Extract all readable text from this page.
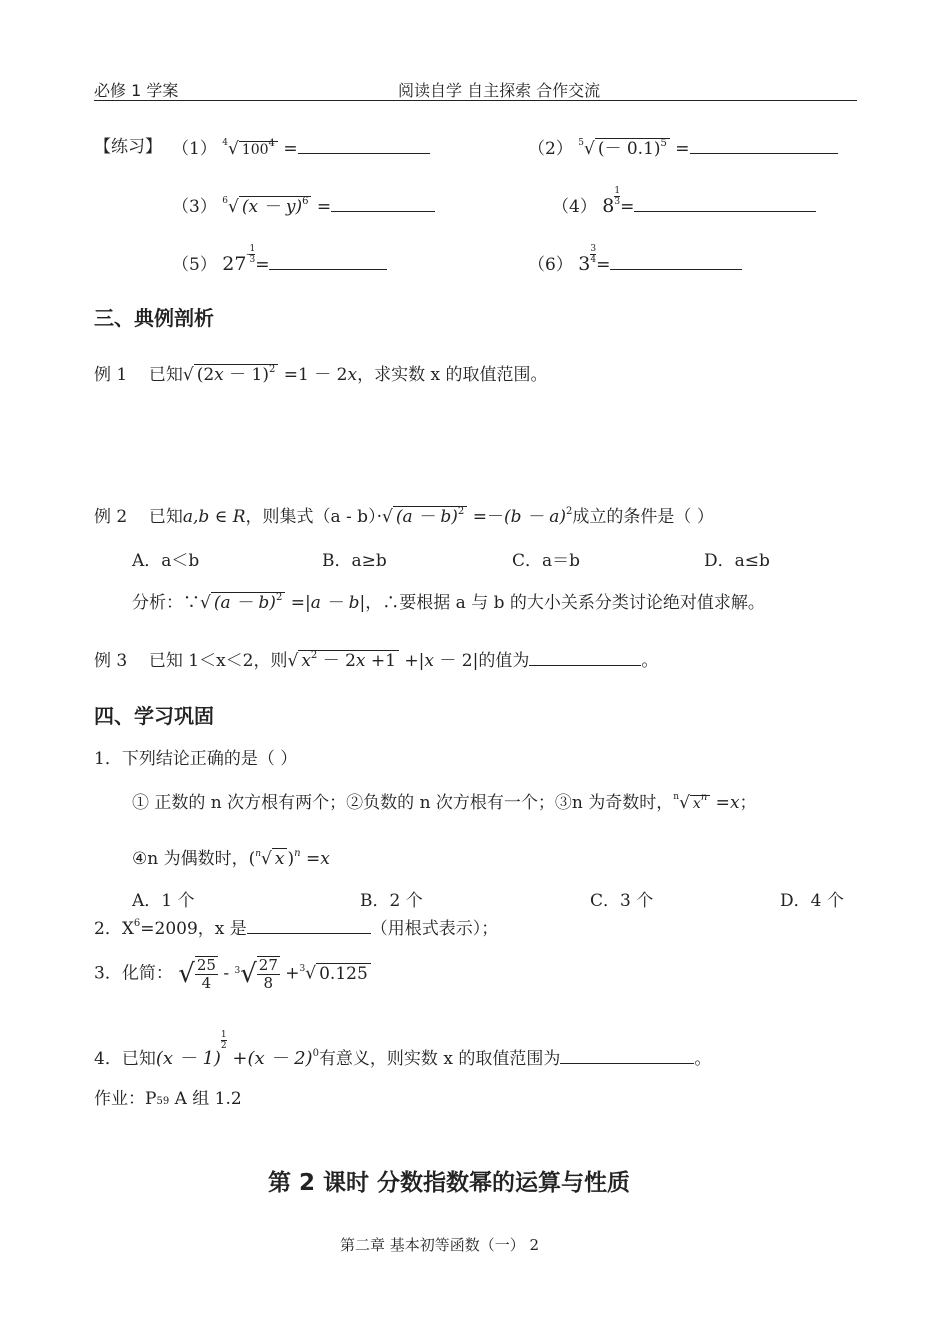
必修 1 学案	阅读自学 自主探索 合作交流
【练习】 （1） $^4$√ $100^4$ =	（2） $^5$√ (－ 0.1)$^5$ =
（3） $^6$√ $(x - y)^6$ =	（4） $8 \frac{1}{3}$ =
（5） $27^- \frac{1}{3}$ =	（6） $3 \frac{3}{4}$ =
三、典例剖析
例 1 已知√ $(2x - 1)^2 =1 - 2x$，求实数 x 的取值范围。
例 2 已知a,b ∈ R，则集式（a - b）·√ $(a - b)^2 =-(b - a)^2$成立的条件是（ ）
A．a＜b	B．a≥b	C．a＝b	D．a≤b
分析：∵√ $(a - b)^2 =|a - b|$，∴要根据 a 与 b 的大小关系分类讨论绝对值求解。
例 3 已知 1＜x＜2，则√ $x^2 - 2x +1 +|x - 2|$的值为	。
四、学习巩固
1．下列结论正确的是（ ）
① 正数的 n 次方根有两个；②负数的 n 次方根有一个；③n 为奇数时，$^n$√ $x^n =x$；
④n 为偶数时，($^n$√ x )$^n$ =x
A．1 个	B．2 个	C．3 个	D．4 个
2．$X^6=2009$，x 是	（用根式表示）；
3．化简： √ $\frac{25}{4} - ^3√ \frac{27}{8} +^3√$ 0.125
4．已知(x － 1)
$\frac{1}{2}$
$+(x - 2)^0$有意义，则实数 x 的取值范围为	。
作业：P59 A 组 1.2
第 2 课时 分数指数幂的运算与性质
第二章 基本初等函数（一） 2
